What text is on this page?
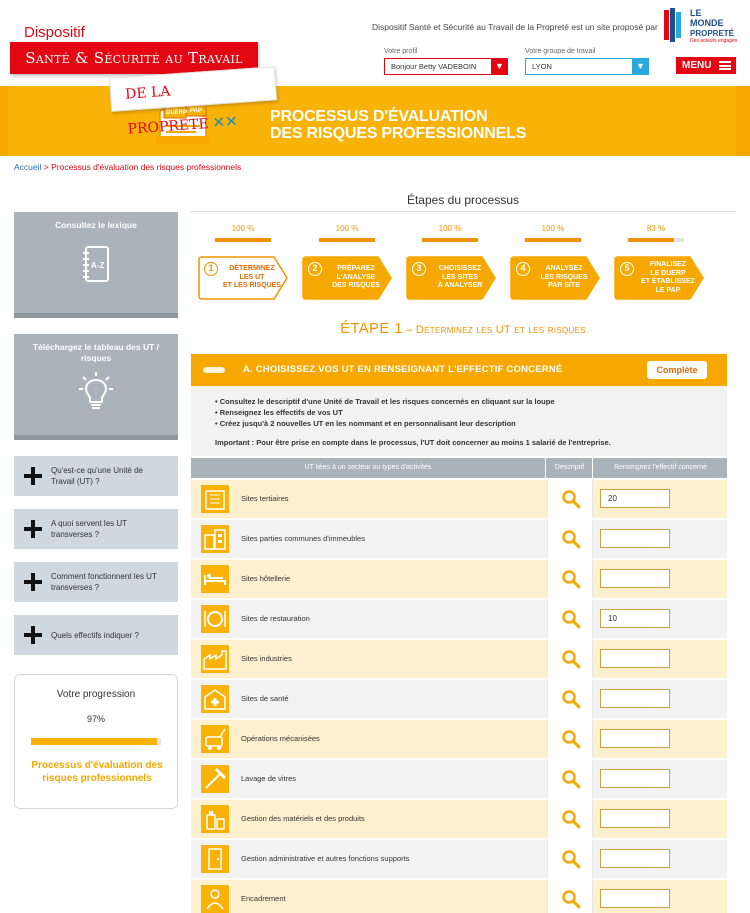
Dispositif
Santé & Sécurité au Travail
DE LA PROPRETÉ ✕✕
Dispositif Santé et Sécurité au Travail de la Propreté est un site proposé par
LE
MONDE
PROPRETÉ
Des acteurs engagés
Votre profil
Bonjour Betty VADEBOIN	▼
Votre groupe de travail
LYON	▼	MENU
PROCESSUS D'ÉVALUATION
DES RISQUES PROFESSIONNELS
Accueil > Processus d'évaluation des risques professionnels
Consultez le lexique
A-Z
Téléchargez le tableau des UT / risques
Qu'est-ce qu'une Unité de Travail (UT) ?
A quoi servent les UT transverses ?
Comment fonctionnent les UT transverses ?
Quels effectifs indiquer ?
Votre progression
97%
Processus d'évaluation des risques professionnels
Étapes du processus
100 %
1	DÉTERMINEZ
LES UT
ET LES RISQUES
100 %
2	PRÉPAREZ
L'ANALYSE
DES RISQUES
100 %
3	CHOISISSEZ
LES SITES
À ANALYSER
100 %
4	ANALYSEZ
LES RISQUES
PAR SITE
83 %
5	FINALISEZ
LE DUERP
ET ÉTABLISSEZ
LE PAP
ÉTAPE 1 – Déterminez les UT et les risques
A. CHOISISSEZ VOS UT EN RENSEIGNANT L'EFFECTIF CONCERNÉ	Complète
• Consultez le descriptif d'une Unité de Travail et les risques concernés en cliquant sur la loupe
• Renseignez les effectifs de vos UT
• Créez jusqu'à 2 nouvelles UT en les nommant et en personnalisant leur description
Important : Pour être prise en compte dans le processus, l'UT doit concerner au moins 1 salarié de l'entreprise.
UT liées à un secteur ou types d'activités	Descriptif	Renseignez l'effectif concerné
Sites tertiaires	20
Sites parties communes d'immeubles
Sites hôtellerie
Sites de restauration	10
Sites industries
Sites de santé
Opérations mécanisées
Lavage de vitres
Gestion des matériels et des produits
Gestion administrative et autres fonctions supports
Encadrement
